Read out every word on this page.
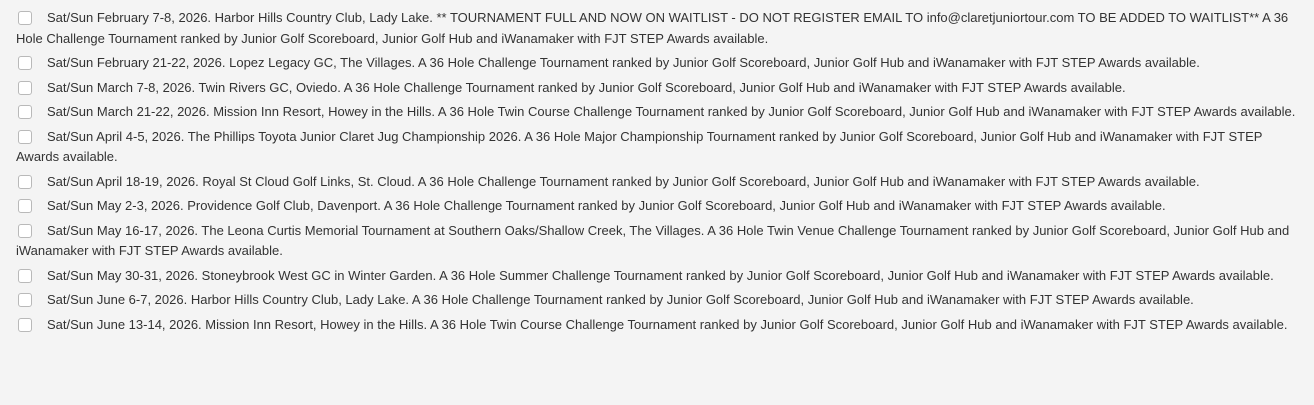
Sat/Sun February 7-8, 2026. Harbor Hills Country Club, Lady Lake. ** TOURNAMENT FULL AND NOW ON WAITLIST - DO NOT REGISTER EMAIL TO info@claretjuniortour.com TO BE ADDED TO WAITLIST** A 36 Hole Challenge Tournament ranked by Junior Golf Scoreboard, Junior Golf Hub and iWanamaker with FJT STEP Awards available.
Sat/Sun February 21-22, 2026. Lopez Legacy GC, The Villages. A 36 Hole Challenge Tournament ranked by Junior Golf Scoreboard, Junior Golf Hub and iWanamaker with FJT STEP Awards available.
Sat/Sun March 7-8, 2026. Twin Rivers GC, Oviedo. A 36 Hole Challenge Tournament ranked by Junior Golf Scoreboard, Junior Golf Hub and iWanamaker with FJT STEP Awards available.
Sat/Sun March 21-22, 2026. Mission Inn Resort, Howey in the Hills. A 36 Hole Twin Course Challenge Tournament ranked by Junior Golf Scoreboard, Junior Golf Hub and iWanamaker with FJT STEP Awards available.
Sat/Sun April 4-5, 2026. The Phillips Toyota Junior Claret Jug Championship 2026. A 36 Hole Major Championship Tournament ranked by Junior Golf Scoreboard, Junior Golf Hub and iWanamaker with FJT STEP Awards available.
Sat/Sun April 18-19, 2026. Royal St Cloud Golf Links, St. Cloud. A 36 Hole Challenge Tournament ranked by Junior Golf Scoreboard, Junior Golf Hub and iWanamaker with FJT STEP Awards available.
Sat/Sun May 2-3, 2026. Providence Golf Club, Davenport. A 36 Hole Challenge Tournament ranked by Junior Golf Scoreboard, Junior Golf Hub and iWanamaker with FJT STEP Awards available.
Sat/Sun May 16-17, 2026. The Leona Curtis Memorial Tournament at Southern Oaks/Shallow Creek, The Villages. A 36 Hole Twin Venue Challenge Tournament ranked by Junior Golf Scoreboard, Junior Golf Hub and iWanamaker with FJT STEP Awards available.
Sat/Sun May 30-31, 2026. Stoneybrook West GC in Winter Garden. A 36 Hole Summer Challenge Tournament ranked by Junior Golf Scoreboard, Junior Golf Hub and iWanamaker with FJT STEP Awards available.
Sat/Sun June 6-7, 2026. Harbor Hills Country Club, Lady Lake. A 36 Hole Challenge Tournament ranked by Junior Golf Scoreboard, Junior Golf Hub and iWanamaker with FJT STEP Awards available.
Sat/Sun June 13-14, 2026. Mission Inn Resort, Howey in the Hills. A 36 Hole Twin Course Challenge Tournament ranked by Junior Golf Scoreboard, Junior Golf Hub and iWanamaker with FJT STEP Awards available.
